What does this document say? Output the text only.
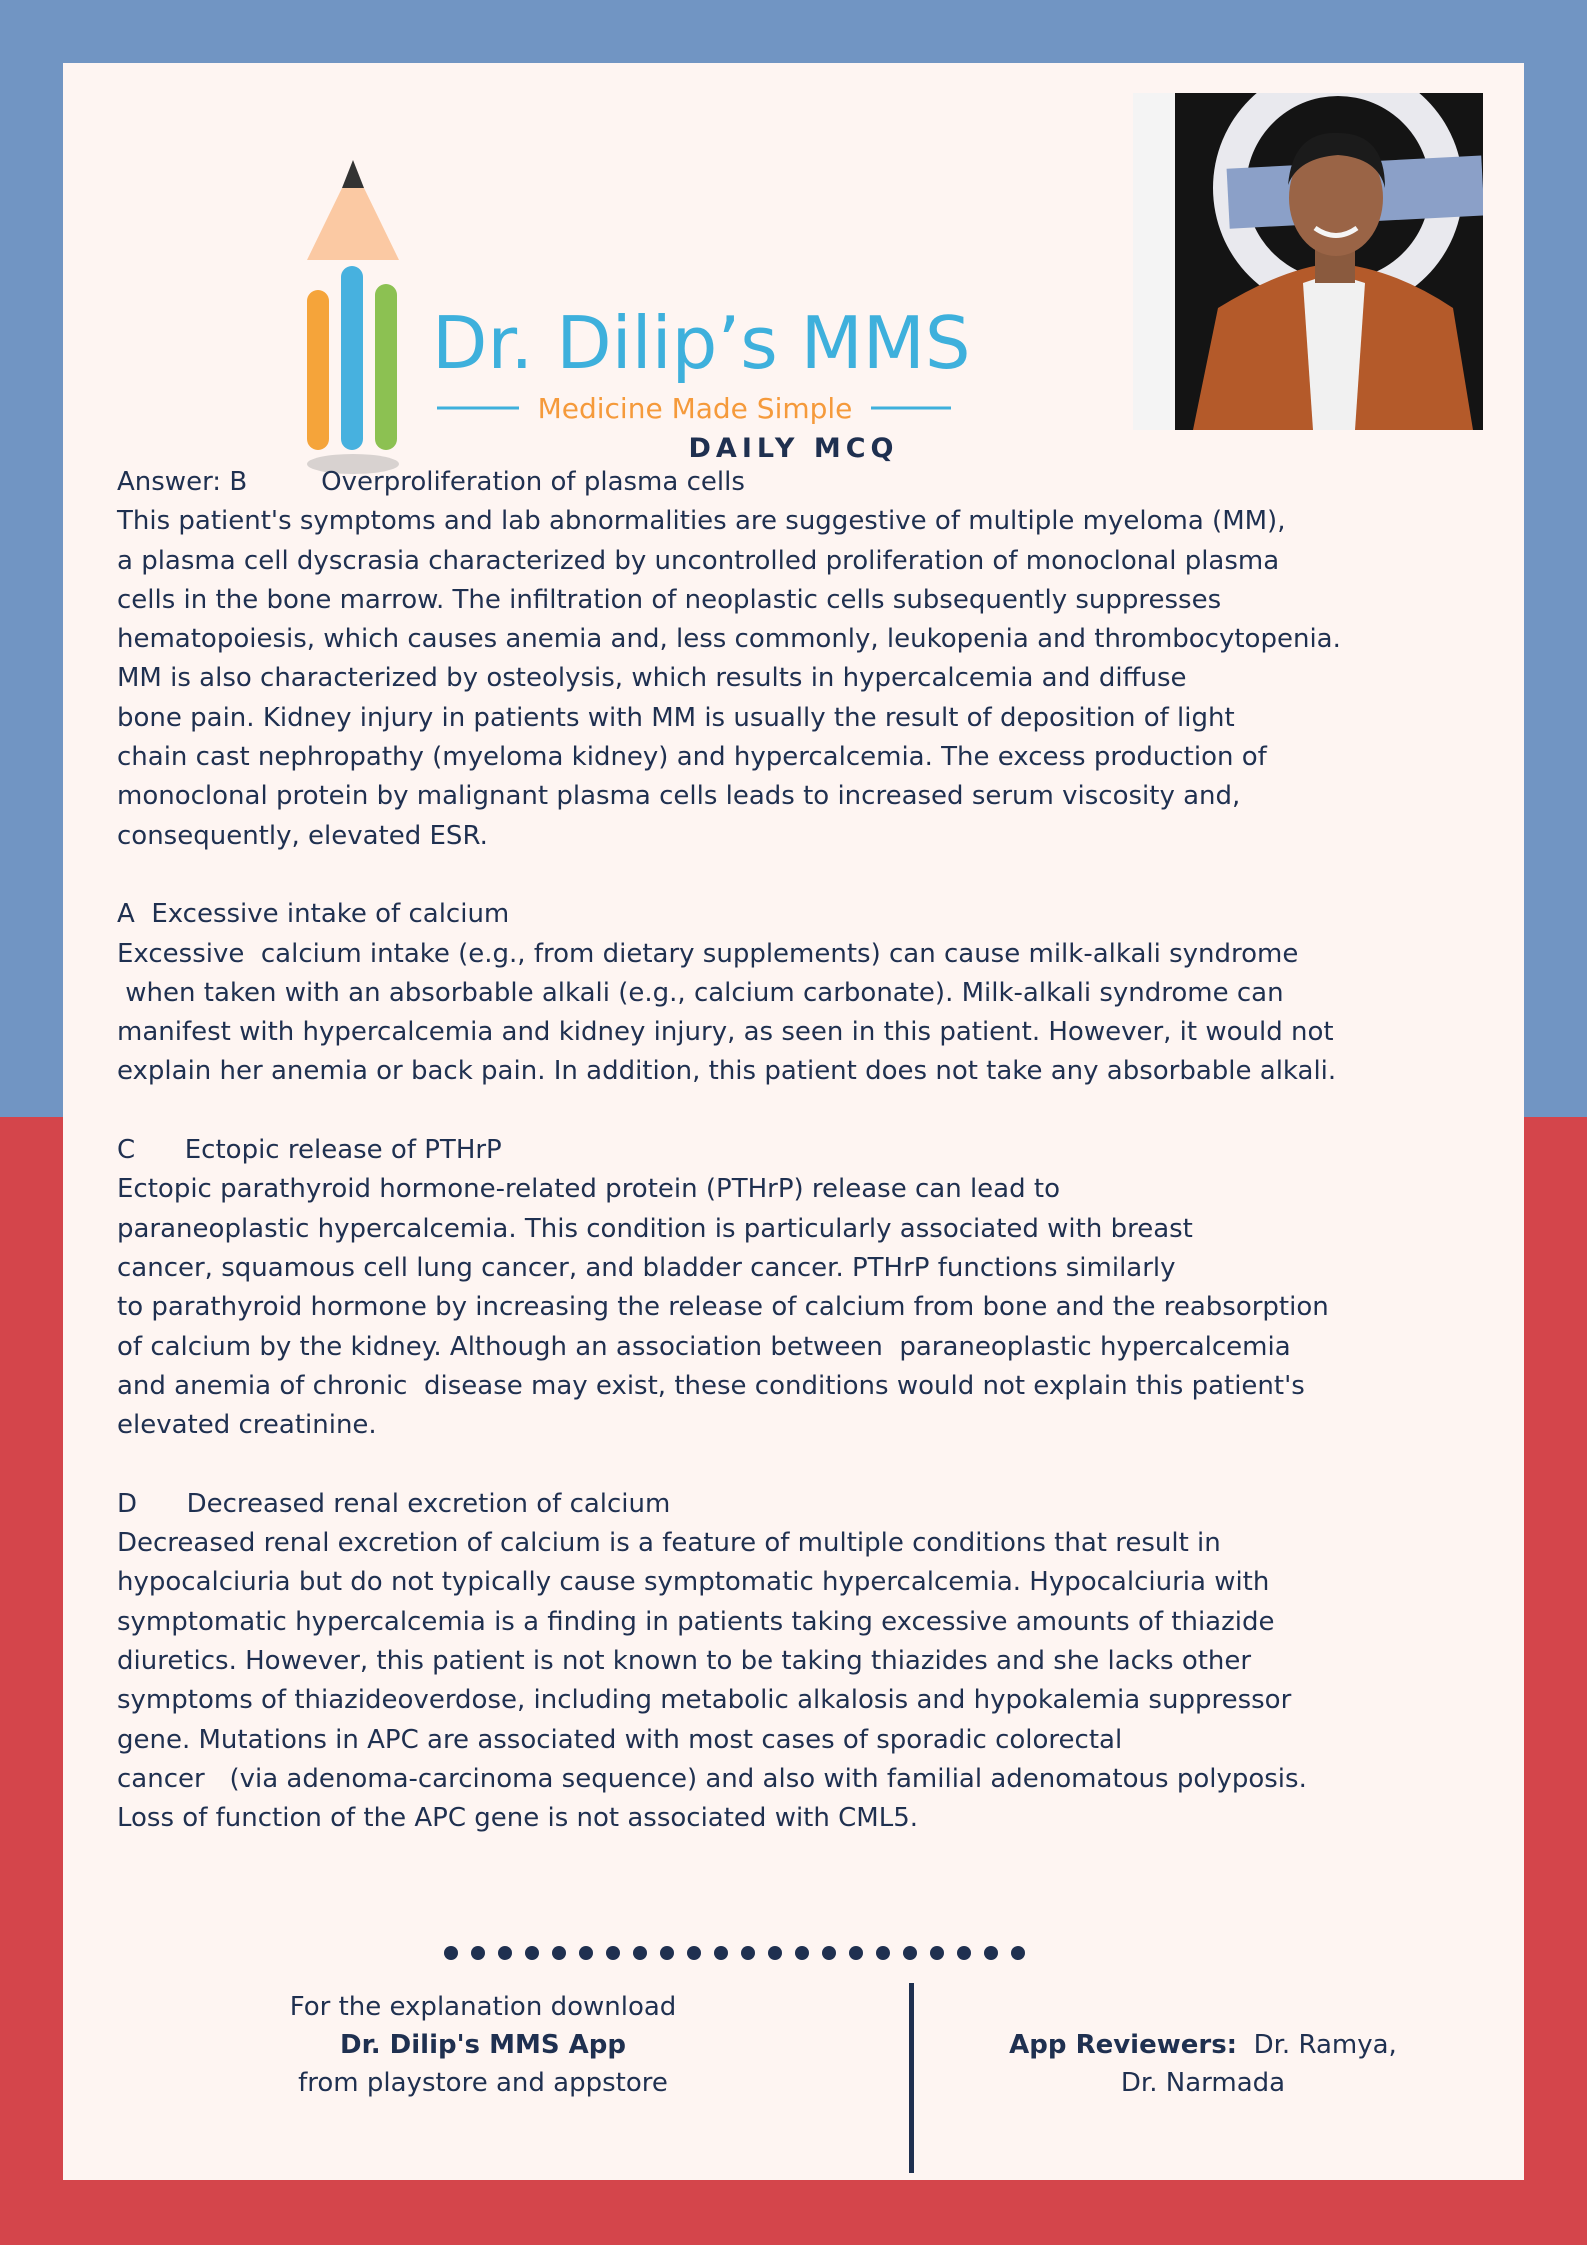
Dr. Dilip’s MMS
Medicine Made Simple
DAILY MCQ
Answer: B	Overproliferation of plasma cells
This patient's symptoms and lab abnormalities are suggestive of multiple myeloma (MM),
a plasma cell dyscrasia characterized by uncontrolled proliferation of monoclonal plasma
cells in the bone marrow. The infiltration of neoplastic cells subsequently suppresses
hematopoiesis, which causes anemia and, less commonly, leukopenia and thrombocytopenia.
MM is also characterized by osteolysis, which results in hypercalcemia and diffuse
bone pain. Kidney injury in patients with MM is usually the result of deposition of light
chain cast nephropathy (myeloma kidney) and hypercalcemia. The excess production of
monoclonal protein by malignant plasma cells leads to increased serum viscosity and,
consequently, elevated ESR.
A  Excessive intake of calcium
Excessive  calcium intake (e.g., from dietary supplements) can cause milk-alkali syndrome
when taken with an absorbable alkali (e.g., calcium carbonate). Milk-alkali syndrome can
manifest with hypercalcemia and kidney injury, as seen in this patient. However, it would not
explain her anemia or back pain. In addition, this patient does not take any absorbable alkali.
C      Ectopic release of PTHrP
Ectopic parathyroid hormone-related protein (PTHrP) release can lead to
paraneoplastic hypercalcemia. This condition is particularly associated with breast
cancer, squamous cell lung cancer, and bladder cancer. PTHrP functions similarly
to parathyroid hormone by increasing the release of calcium from bone and the reabsorption
of calcium by the kidney. Although an association between  paraneoplastic hypercalcemia
and anemia of chronic  disease may exist, these conditions would not explain this patient's
elevated creatinine.
D      Decreased renal excretion of calcium
Decreased renal excretion of calcium is a feature of multiple conditions that result in
hypocalciuria but do not typically cause symptomatic hypercalcemia. Hypocalciuria with
symptomatic hypercalcemia is a finding in patients taking excessive amounts of thiazide
diuretics. However, this patient is not known to be taking thiazides and she lacks other
symptoms of thiazideoverdose, including metabolic alkalosis and hypokalemia suppressor
gene. Mutations in APC are associated with most cases of sporadic colorectal
cancer   (via adenoma-carcinoma sequence) and also with familial adenomatous polyposis.
Loss of function of the APC gene is not associated with CML5.
For the explanation download
Dr. Dilip's MMS App
from playstore and appstore
App Reviewers: Dr. Ramya,
Dr. Narmada
